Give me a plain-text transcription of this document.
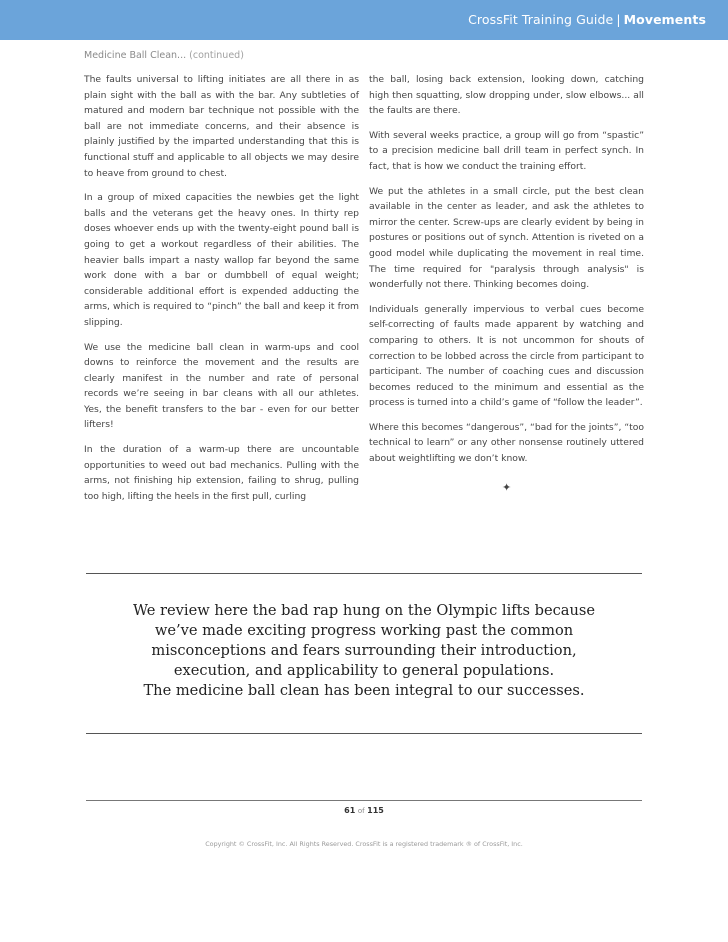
CrossFit Training Guide | Movements
Medicine Ball Clean... (continued)

The faults universal to lifting initiates are all there in as plain sight with the ball as with the bar. Any subtleties of matured and modern bar technique not possible with the ball are not immediate concerns, and their absence is plainly justified by the imparted understanding that this is functional stuff and applicable to all objects we may desire to heave from ground to chest.

In a group of mixed capacities the newbies get the light balls and the veterans get the heavy ones. In thirty rep doses whoever ends up with the twenty-eight pound ball is going to get a workout regardless of their abilities. The heavier balls impart a nasty wallop far beyond the same work done with a bar or dumbbell of equal weight; considerable additional effort is expended adducting the arms, which is required to “pinch” the ball and keep it from slipping.

We use the medicine ball clean in warm-ups and cool downs to reinforce the movement and the results are clearly manifest in the number and rate of personal records we’re seeing in bar cleans with all our athletes. Yes, the benefit transfers to the bar - even for our better lifters!

In the duration of a warm-up there are uncountable opportunities to weed out bad mechanics. Pulling with the arms, not finishing hip extension, failing to shrug, pulling too high, lifting the heels in the first pull, curling

the ball, losing back extension, looking down, catching high then squatting, slow dropping under, slow elbows... all the faults are there.

With several weeks practice, a group will go from “spastic” to a precision medicine ball drill team in perfect synch. In fact, that is how we conduct the training effort.

We put the athletes in a small circle, put the best clean available in the center as leader, and ask the athletes to mirror the center. Screw-ups are clearly evident by being in postures or positions out of synch. Attention is riveted on a good model while duplicating the movement in real time. The time required for "paralysis through analysis" is wonderfully not there. Thinking becomes doing.

Individuals generally impervious to verbal cues become self-correcting of faults made apparent by watching and comparing to others. It is not uncommon for shouts of correction to be lobbed across the circle from participant to participant. The number of coaching cues and discussion becomes reduced to the minimum and essential as the process is turned into a child’s game of “follow the leader”.

Where this becomes “dangerous”, “bad for the joints”, “too technical to learn” or any other nonsense routinely uttered about weightlifting we don’t know.

✦
We review here the bad rap hung on the Olympic lifts because
we’ve made exciting progress working past the common
misconceptions and fears surrounding their introduction,
execution, and applicability to general populations.
The medicine ball clean has been integral to our successes.
61 of 115
Copyright © CrossFit, Inc. All Rights Reserved. CrossFit is a registered trademark ® of CrossFit, Inc.
